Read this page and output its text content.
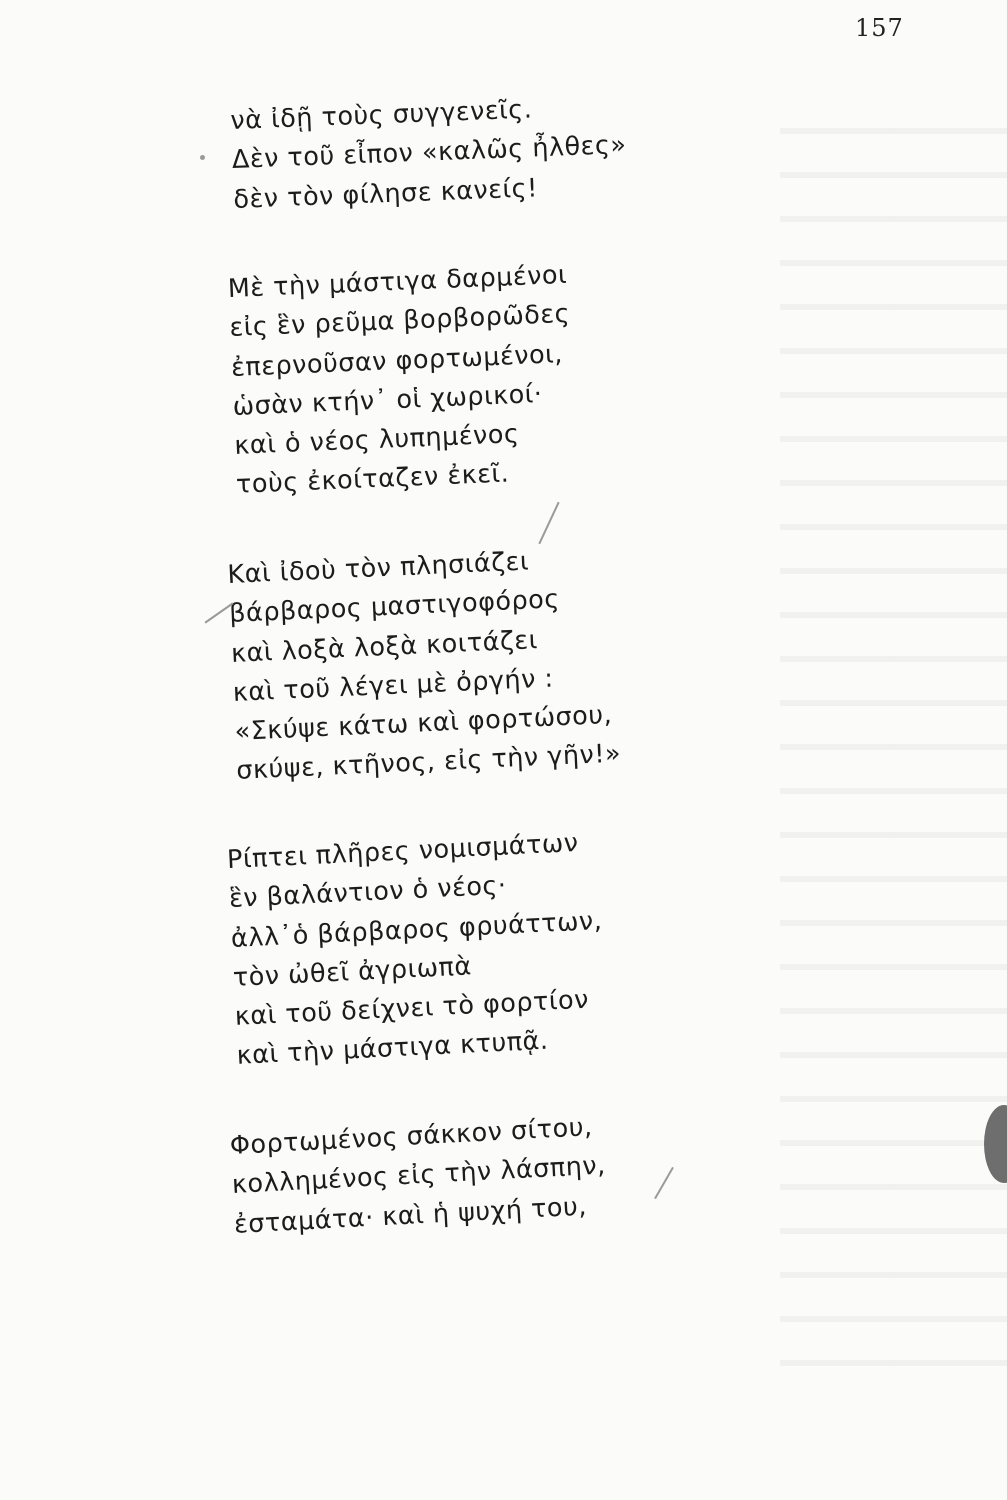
157
νὰ ἰδῇ τοὺς συγγενεῖς.
Δὲν τοῦ εἶπον «καλῶς ἦλθες»
δὲν τὸν φίλησε κανείς!
Μὲ τὴν μάστιγα δαρμένοι
εἰς ἓν ρεῦμα βορβορῶδες
ἐπερνοῦσαν φορτωμένοι,
ὡσὰν κτήν᾽ οἱ χωρικοί·
καὶ ὁ νέος λυπημένος
τοὺς ἐκοίταζεν ἐκεῖ.
Καὶ ἰδοὺ τὸν πλησιάζει
βάρβαρος μαστιγοφόρος
καὶ λοξὰ λοξὰ κοιτάζει
καὶ τοῦ λέγει μὲ ὀργήν :
«Σκύψε κάτω καὶ φορτώσου,
σκύψε, κτῆνος, εἰς τὴν γῆν!»
Ρίπτει πλῆρες νομισμάτων
ἓν βαλάντιον ὁ νέος·
ἀλλ᾽ὁ βάρβαρος φρυάττων,
τὸν ὠθεῖ ἀγριωπὰ
καὶ τοῦ δείχνει τὸ φορτίον
καὶ τὴν μάστιγα κτυπᾷ.
Φορτωμένος σάκκον σίτου,
κολλημένος εἰς τὴν λάσπην,
ἐσταμάτα· καὶ ἡ ψυχή του,
